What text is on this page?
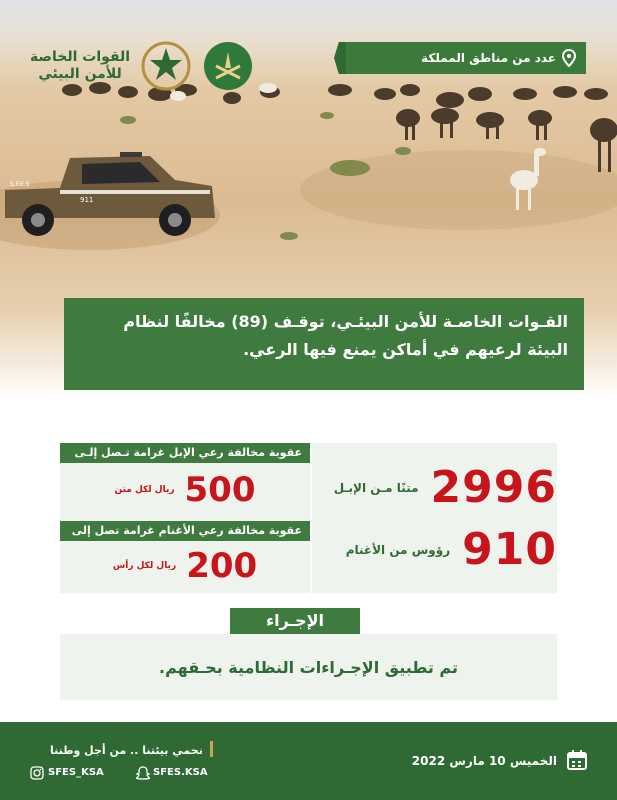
S.F.E.S
911
القوات الخاصة
للأمن البيئي
عدد من مناطق المملكة
القـوات الخاصـة للأمن البيئـي، توقـف (89) مخالفًا لنظام
البيئة لرعيهم في أماكن يمنع فيها الرعي.
متنًا مـن الإبـل 2996
رؤوس من الأغنام 910
عقوبة مخالفة رعي الإبل غرامة تـصل إلـى
ريال لكل متن 500
عقوبة مخالفة رعي الأغنام غرامة تصل إلى
ريال لكل رأس 200
الإجـراء
تم تطبيق الإجـراءات النظامية بحـقهم.
الخميس 10 مارس 2022
نحمي بيئتنا .. من أجل وطننا
SFES.KSA
SFES_KSA
